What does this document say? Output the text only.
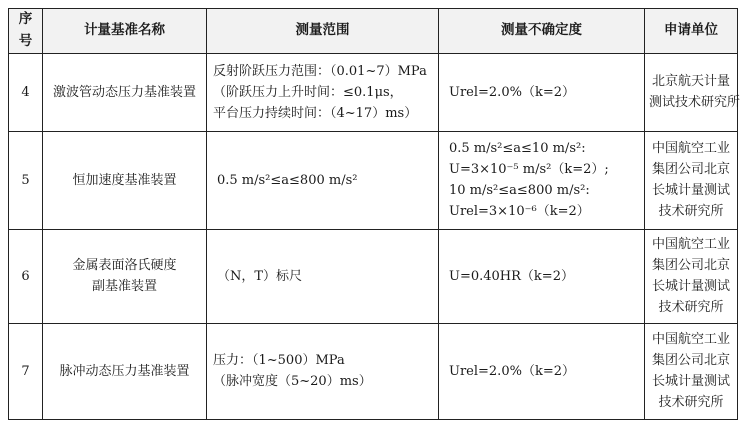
序号	计量基准名称	测量范围	测量不确定度	申请单位
4	激波管动态压力基准装置	反射阶跃压力范围：（0.01~7）MPa
（阶跃压力上升时间：≤0.1μs，
平台压力持续时间：（4~17）ms）	Urel=2.0%（k=2）	北京航天计量
测试技术研究所

5	恒加速度基准装置	0.5 m/s²≤a≤800 m/s²	0.5 m/s²≤a≤10 m/s²:
U=3×10⁻⁵ m/s²（k=2）;
10 m/s²≤a≤800 m/s²:
Urel=3×10⁻⁶（k=2）	中国航空工业
集团公司北京
长城计量测试
技术研究所

6	金属表面洛氏硬度
副基准装置	（N，T）标尺	U=0.40HR（k=2）	中国航空工业
集团公司北京
长城计量测试
技术研究所

7	脉冲动态压力基准装置	压力：（1~500）MPa
（脉冲宽度（5~20）ms）	Urel=2.0%（k=2）	中国航空工业
集团公司北京
长城计量测试
技术研究所
